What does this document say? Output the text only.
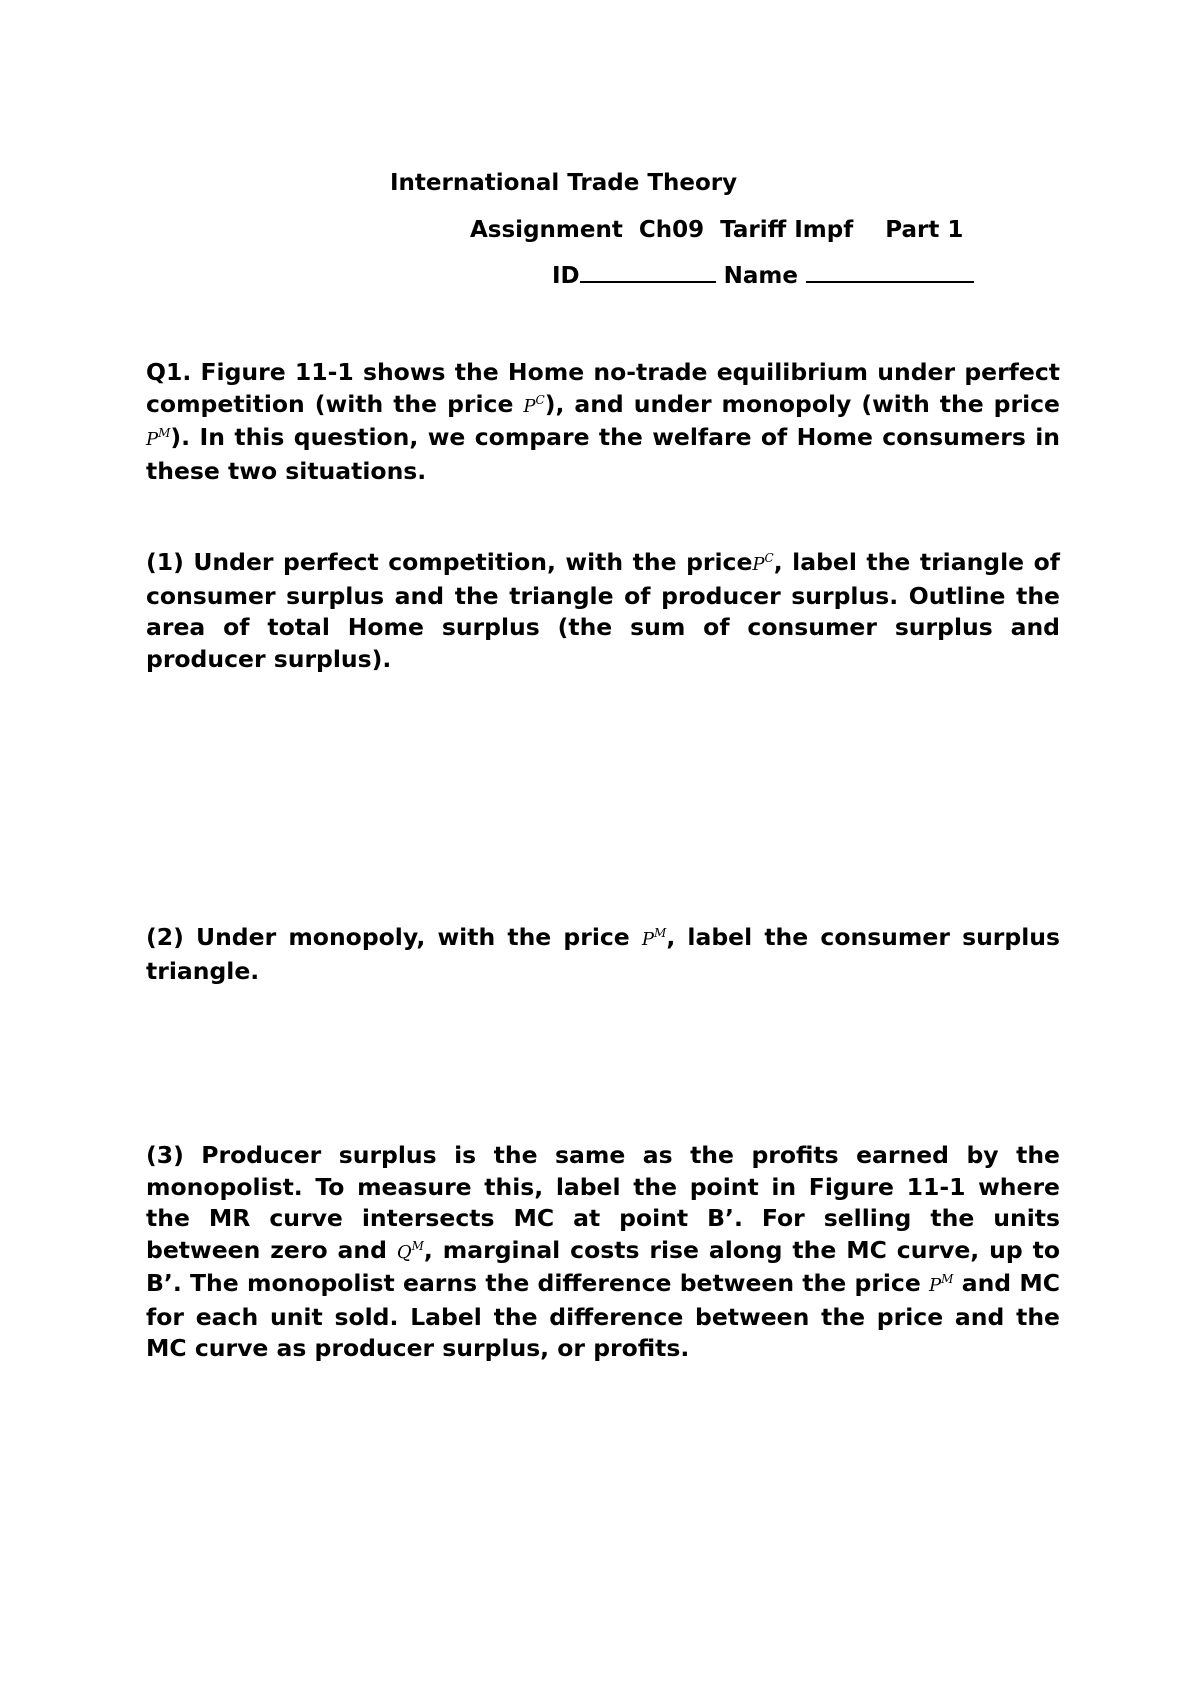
International Trade Theory
Assignment  Ch09  Tariff Impf    Part 1
ID	Name
Q1. Figure 11-1 shows the Home no-trade equilibrium under perfect competition (with the price $P^C$), and under monopoly (with the price $P^M$). In this question, we compare the welfare of Home consumers in these two situations.
(1) Under perfect competition, with the priceP$^C$, label the triangle of consumer surplus and the triangle of producer surplus. Outline the area of total Home surplus (the sum of consumer surplus and producer surplus).
(2) Under monopoly, with the price $P^M$, label the consumer surplus triangle.
(3) Producer surplus is the same as the profits earned by the monopolist. To measure this, label the point in Figure 11-1 where the MR curve intersects MC at point B’. For selling the units between zero and $Q^M$, marginal costs rise along the MC curve, up to B’. The monopolist earns the difference between the price $P^M$ and MC for each unit sold. Label the difference between the price and the MC curve as producer surplus, or profits.
